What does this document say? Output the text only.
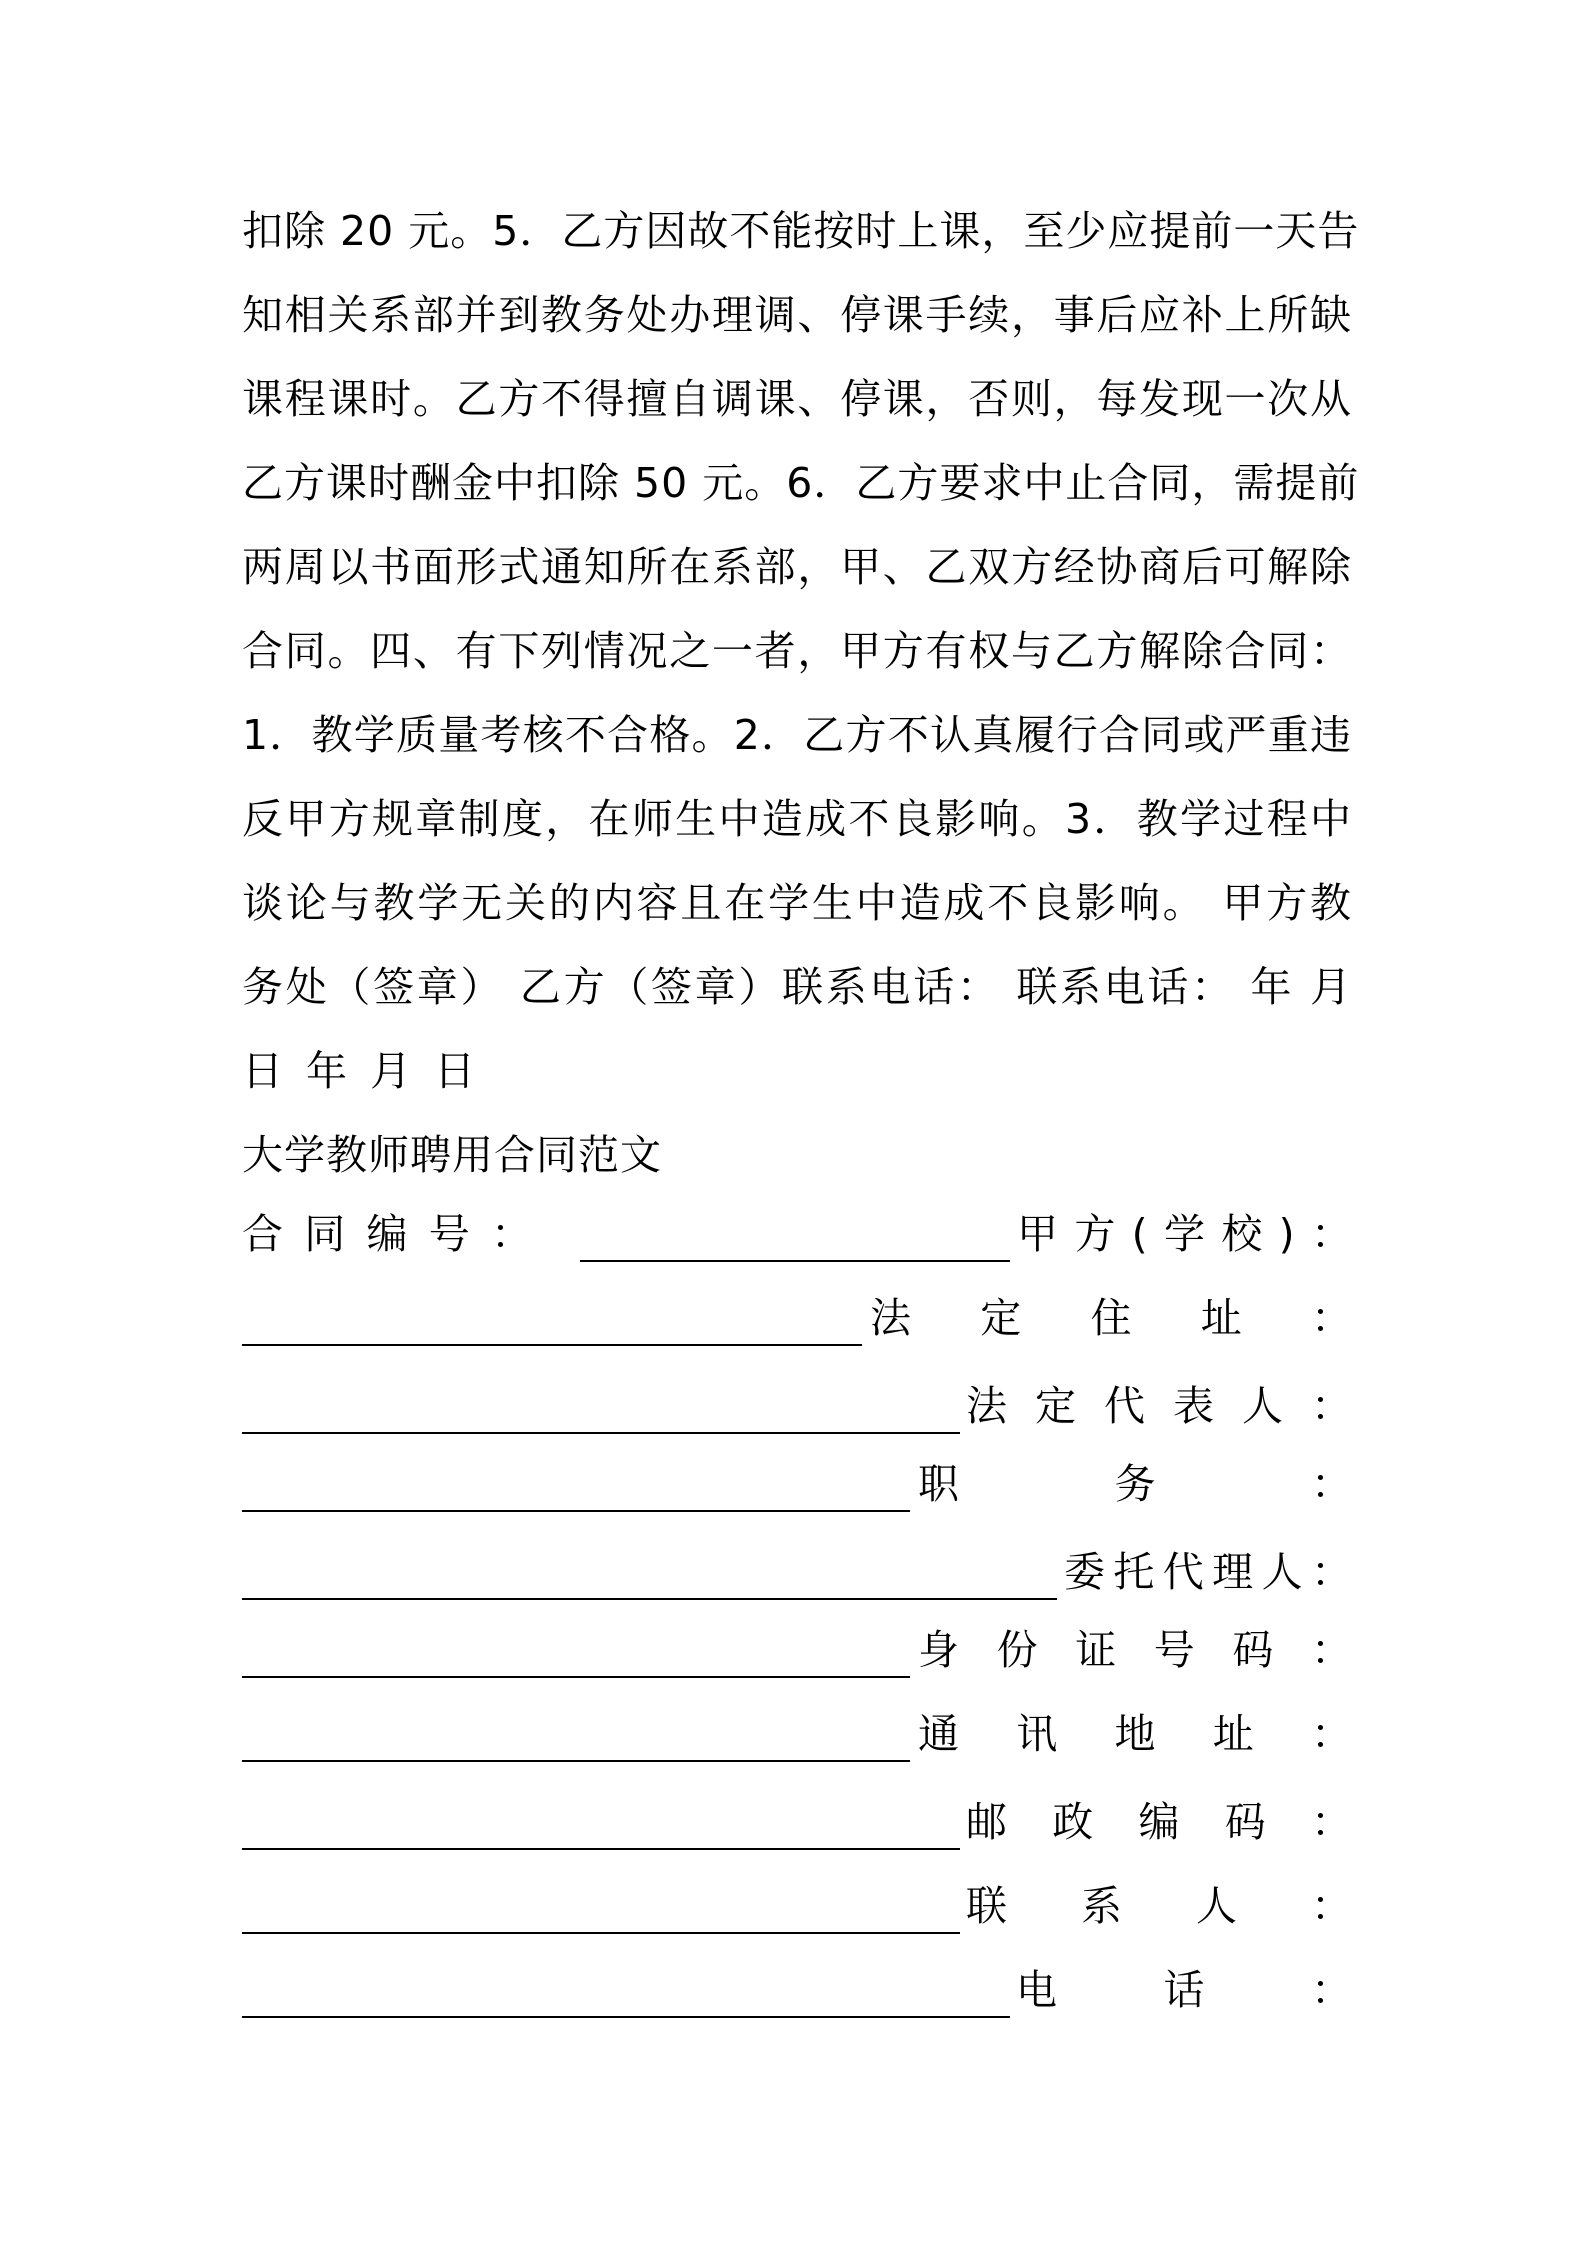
扣除 20 元。5．乙方因故不能按时上课，至少应提前一天告
知相关系部并到教务处办理调、停课手续，事后应补上所缺
课程课时。乙方不得擅自调课、停课，否则，每发现一次从
乙方课时酬金中扣除 50 元。6．乙方要求中止合同，需提前
两周以书面形式通知所在系部，甲、乙双方经协商后可解除
合同。四、有下列情况之一者，甲方有权与乙方解除合同：
1．教学质量考核不合格。2．乙方不认真履行合同或严重违
反甲方规章制度，在师生中造成不良影响。3．教学过程中
谈论与教学无关的内容且在学生中造成不良影响。 甲方教
务处（签章） 乙方（签章）联系电话： 联系电话： 年 月
日 年 月 日
大学教师聘用合同范文
合 同 编 号 ：	甲 方 ( 学 校 ) ：
法 定 住 址 ：
法 定 代 表 人 ：
职	务	：
委 托 代 理 人 ：
身 份 证 号 码 ：
通 讯 地 址 ：
邮 政 编 码 ：
联 系 人 ：
电	话	：
